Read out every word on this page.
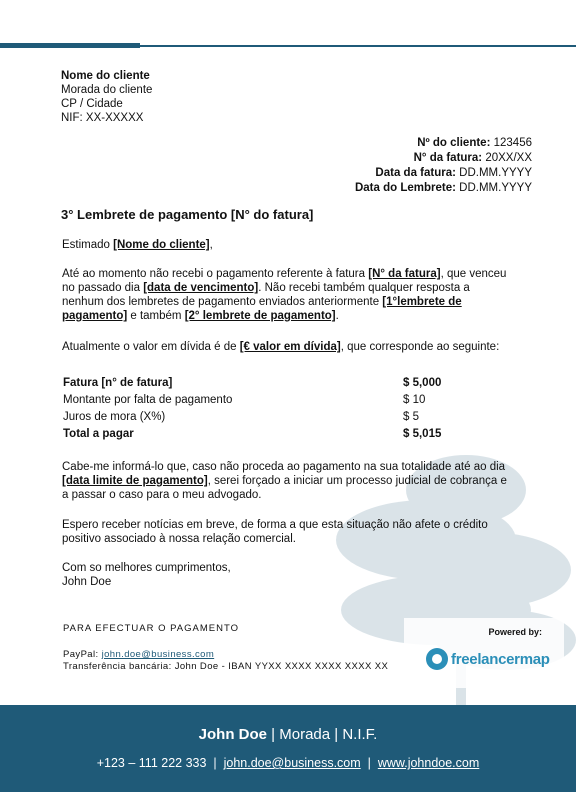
Nome do cliente
Morada do cliente
CP / Cidade
NIF: XX-XXXXX
Nº do cliente: 123456
N° da fatura: 20XX/XX
Data da fatura: DD.MM.YYYY
Data do Lembrete: DD.MM.YYYY
3° Lembrete de pagamento [N° do fatura]
Estimado [Nome do cliente],
Até ao momento não recebi o pagamento referente à fatura [N° da fatura], que venceu no passado dia [data de vencimento]. Não recebi também qualquer resposta a nenhum dos lembretes de pagamento enviados anteriormente [1°lembrete de pagamento] e também [2° lembrete de pagamento].
Atualmente o valor em dívida é de [€ valor em dívida], que corresponde ao seguinte:
Fatura [n° de fatura]	$ 5,000
Montante por falta de pagamento	$ 10
Juros de mora (X%)	$ 5
Total a pagar	$ 5,015
Cabe-me informá-lo que, caso não proceda ao pagamento na sua totalidade até ao dia [data limite de pagamento], serei forçado a iniciar um processo judicial de cobrança e a passar o caso para o meu advogado.
Espero receber notícias em breve, de forma a que esta situação não afete o crédito positivo associado à nossa relação comercial.
Com so melhores cumprimentos,
John Doe
PARA EFECTUAR O PAGAMENTO
PayPal: john.doe@business.com
Transferência bancária: John Doe - IBAN YYXX XXXX XXXX XXXX XX
Powered by:
freelancermap
John Doe | Morada | N.I.F.
+123 – 111 222 333 | john.doe@business.com | www.johndoe.com
